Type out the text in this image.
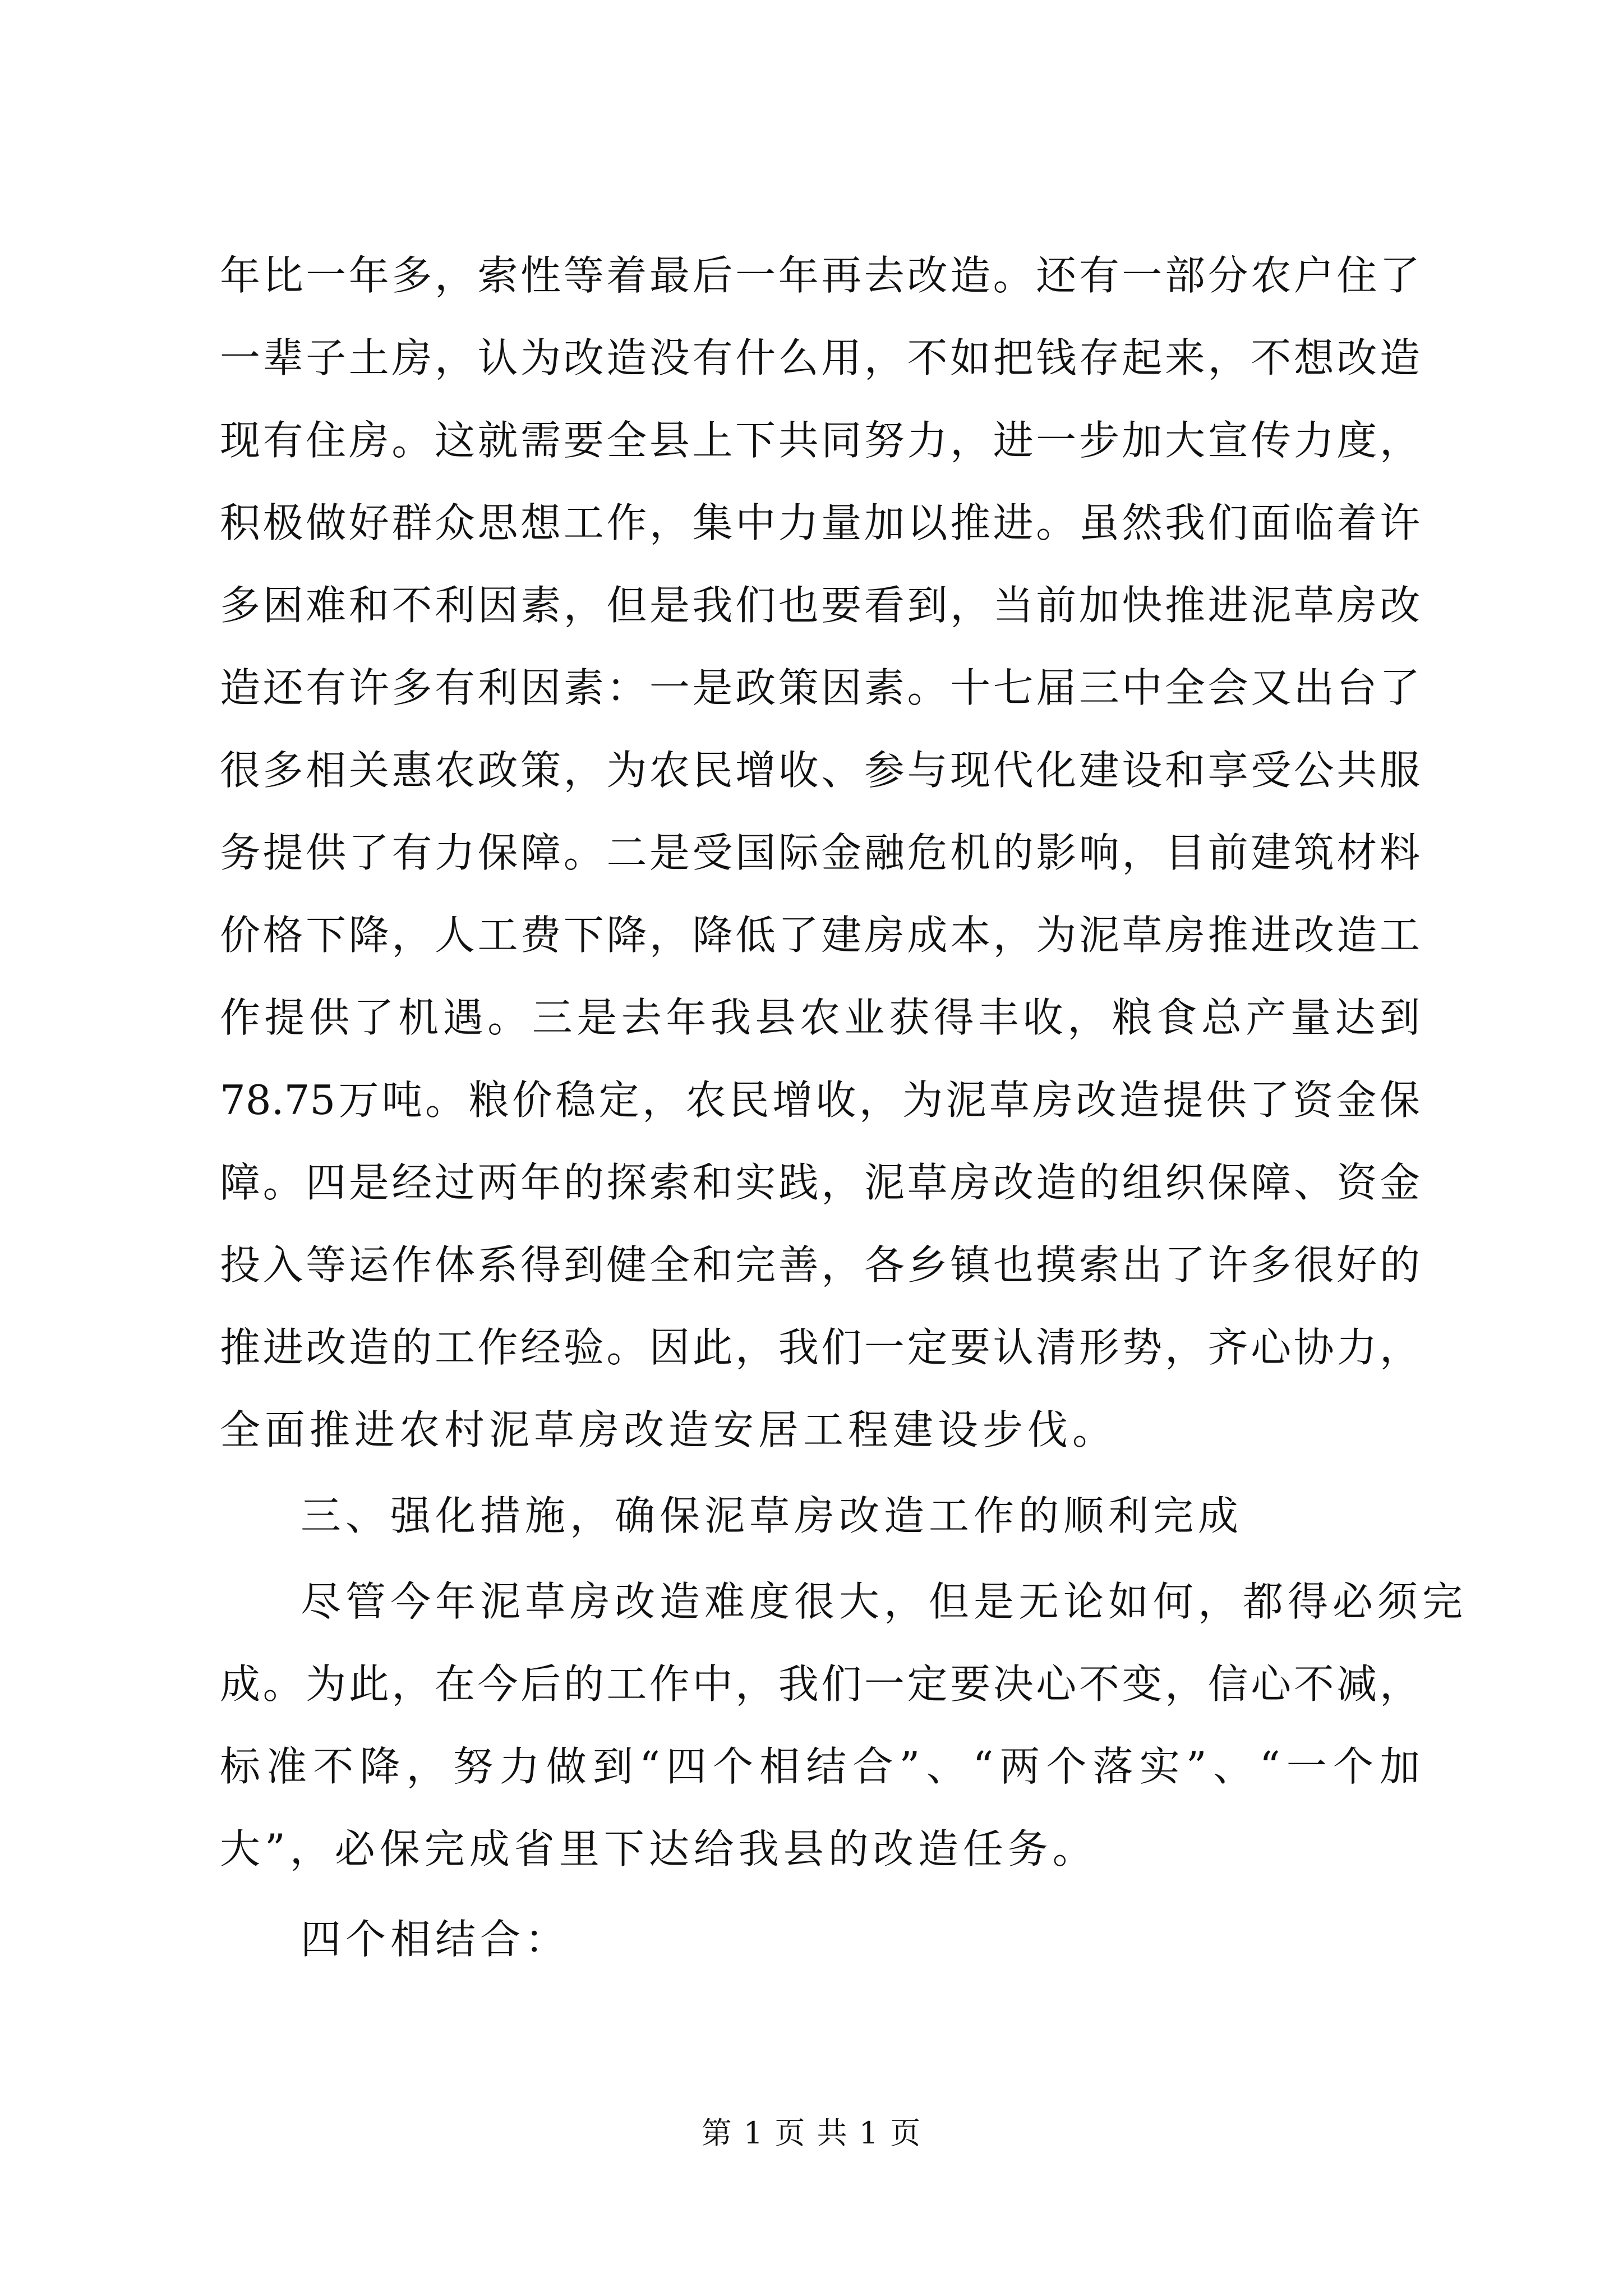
年比一年多，索性等着最后一年再去改造。还有一部分农户住了
一辈子土房，认为改造没有什么用，不如把钱存起来，不想改造
现有住房。这就需要全县上下共同努力，进一步加大宣传力度，
积极做好群众思想工作，集中力量加以推进。虽然我们面临着许
多困难和不利因素，但是我们也要看到，当前加快推进泥草房改
造还有许多有利因素：一是政策因素。十七届三中全会又出台了
很多相关惠农政策，为农民增收、参与现代化建设和享受公共服
务提供了有力保障。二是受国际金融危机的影响，目前建筑材料
价格下降，人工费下降，降低了建房成本，为泥草房推进改造工
作提供了机遇。三是去年我县农业获得丰收，粮食总产量达到
78.75万吨。粮价稳定，农民增收，为泥草房改造提供了资金保
障。四是经过两年的探索和实践，泥草房改造的组织保障、资金
投入等运作体系得到健全和完善，各乡镇也摸索出了许多很好的
推进改造的工作经验。因此，我们一定要认清形势，齐心协力，
全面推进农村泥草房改造安居工程建设步伐。
三、强化措施，确保泥草房改造工作的顺利完成
尽管今年泥草房改造难度很大，但是无论如何，都得必须完
成。为此，在今后的工作中，我们一定要决心不变，信心不减，
标准不降，努力做到“四个相结合”、“两个落实”、“一个加
大”，必保完成省里下达给我县的改造任务。
四个相结合：
第 1 页 共 1 页
